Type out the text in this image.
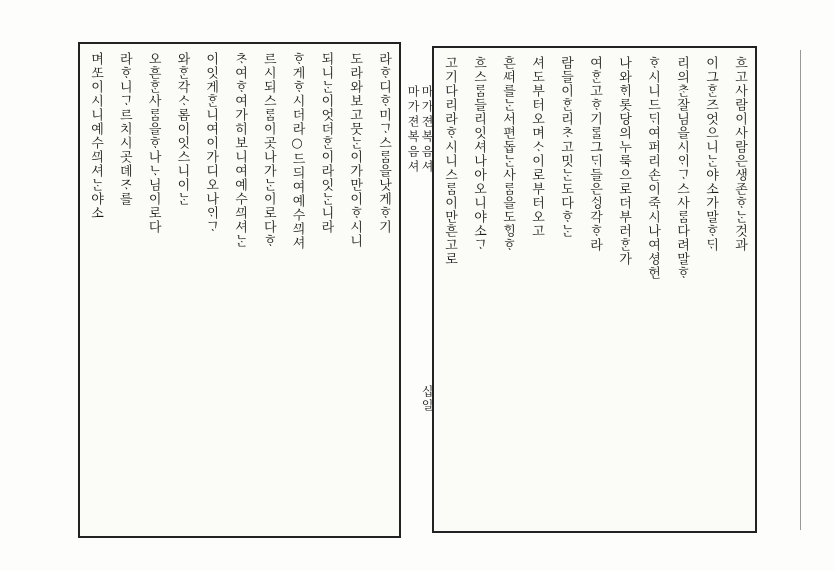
흐고사람이사람은생존ᄒᆞᄂᆞᆫ것과
이그ᄒᆞᆫ즈엇으니ᄂᆞᆫ야소가말ᄒᆞᄃᆡ
리의ᄎᆞᆫ잘님을시ᄋᆡᄀᆞ스사ᄅᆞᆷ다려말ᄒᆞ
ᄒᆞ시니드ᄃᆡ여퍼리손이죽시나여셩헌
나와ᄒᆡ롯당의누룩으로더부러ᄒᆞᆫ가
여ᄒᆞᆫ고ᄒᆞ기ᄅᆞᆯ그ᄃᆡ들은ᄉᆡᆼ각ᄒᆞ라
람들이ᄒᆞᆫ리ᄎᆞ고밋ᄂᆞᆫ도다ᄒᆞᄂᆞᆫ
셔도부터오며ᄉᆞ이로부터오고
흔ᄯᅥ를ᄂᆞᆫ서편돕ᄂᆞᆫ사ᄅᆞᆷ을도ᄒᆡᆼᄒᆞ
흐스ᄅᆞᆷ들리잇셔나아오니야소ᄀᆞ
고기다리라ᄒᆞ시니스ᄅᆞᆷ이만흔고로
마가젼복음셔 마가젼복음셔
십일
라ᄒᆞ디ᄒᆞ미ᄀᆞ스ᄅᆞᆷ을낫게ᄒᆞ기
도라와보고뭇ᄂᆞᆫ이가만이ᄒᆞ시니
되니ᄂᆞᆫ이엇더ᄒᆞᆫ이라잇ᄂᆞᆫ니라
ᄒᆞ게ᄒᆞ시더라○드듸여예수ᄭᅴ셔
르시되스ᄅᆞᆷ이곳나가ᄂᆞᆫ이로다ᄒᆞ
ᄎᆞ여ᄒᆞ여가히보니여예수ᄭᅴ셔ᄂᆞᆫ
이잇게ᄒᆞᆫ니여이가디오나ᄋᆡᄀᆞ
와ᄒᆞᆫ각ᄉᆞ롬이잇스니이ᄂᆞᆫ
오흔ᄒᆞᆫ사ᄅᆞᆷ을ᄒᆞ나ᄂᆞ님이로다
라ᄒᆞ니ᄀᆞ르치시곳뎨ᄌᆞ를
며ᄯᅩ이시니예수ᄭᅴ셔ᄂᆞᆫ야소
